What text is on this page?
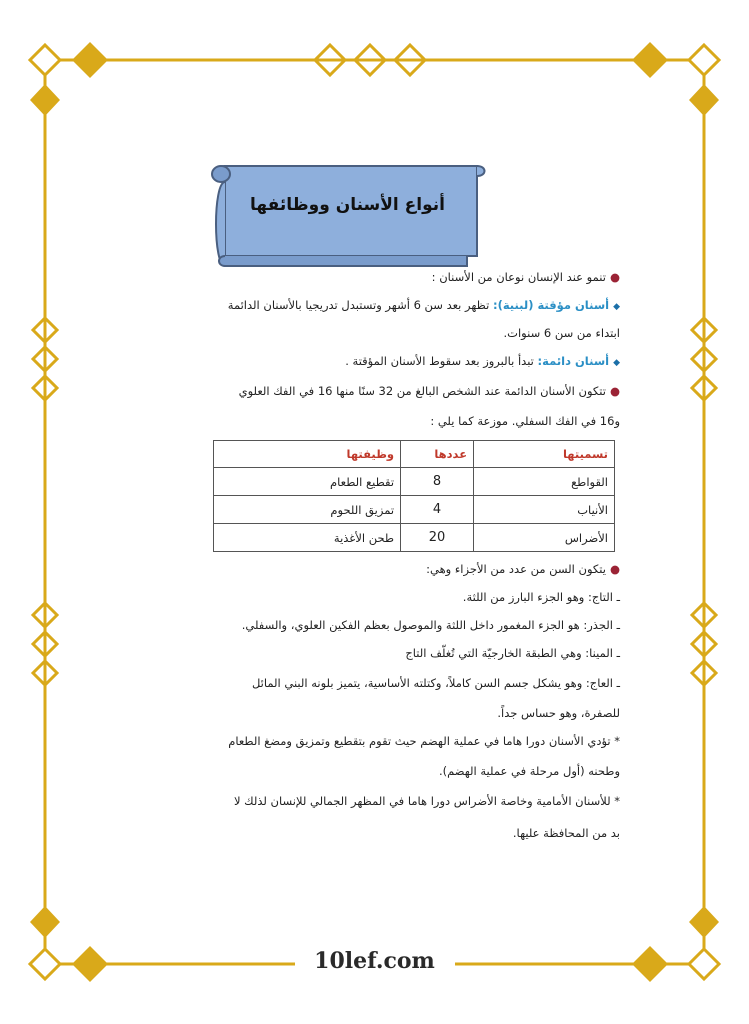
أنواع الأسنان ووظائفها
●تنمو عند الإنسان نوعان من الأسنان :
◆أسنان مؤقتة (لبنية): تظهر بعد سن 6 أشهر وتستبدل تدريجيا بالأسنان الدائمة
ابتداء من سن 6 سنوات.
◆أسنان دائمة: تبدأ بالبروز بعد سقوط الأسنان المؤقتة .
●تتكون الأسنان الدائمة عند الشخص البالغ من 32 سنًا منها 16 في الفك العلوي
و16 في الفك السفلي. موزعة كما يلي :
تسميتها	عددها	وظيفتها
القواطع	8	تقطيع الطعام
الأنياب	4	تمزيق اللحوم
الأضراس	20	طحن الأغذية
●يتكون السن من عدد من الأجزاء وهي:
ـ التاج: وهو الجزء البارز من اللثة.
ـ الجذر: هو الجزء المغمور داخل اللثة والموصول بعظم الفكين العلوي، والسفلي.
ـ المينا: وهي الطبقة الخارجيّة التي تُغلّف التاج
ـ العاج: وهو يشكل جسم السن كاملاً، وكتلته الأساسية، يتميز بلونه البني المائل
للصفرة، وهو حساس جداً.
* تؤدي الأسنان دورا هاما في عملية الهضم حيث تقوم بتقطيع وتمزيق ومضغ الطعام
وطحنه (أول مرحلة في عملية الهضم).
* للأسنان الأمامية وخاصة الأضراس دورا هاما في المظهر الجمالي للإنسان لذلك لا
بد من المحافظة عليها.
10lef.com
